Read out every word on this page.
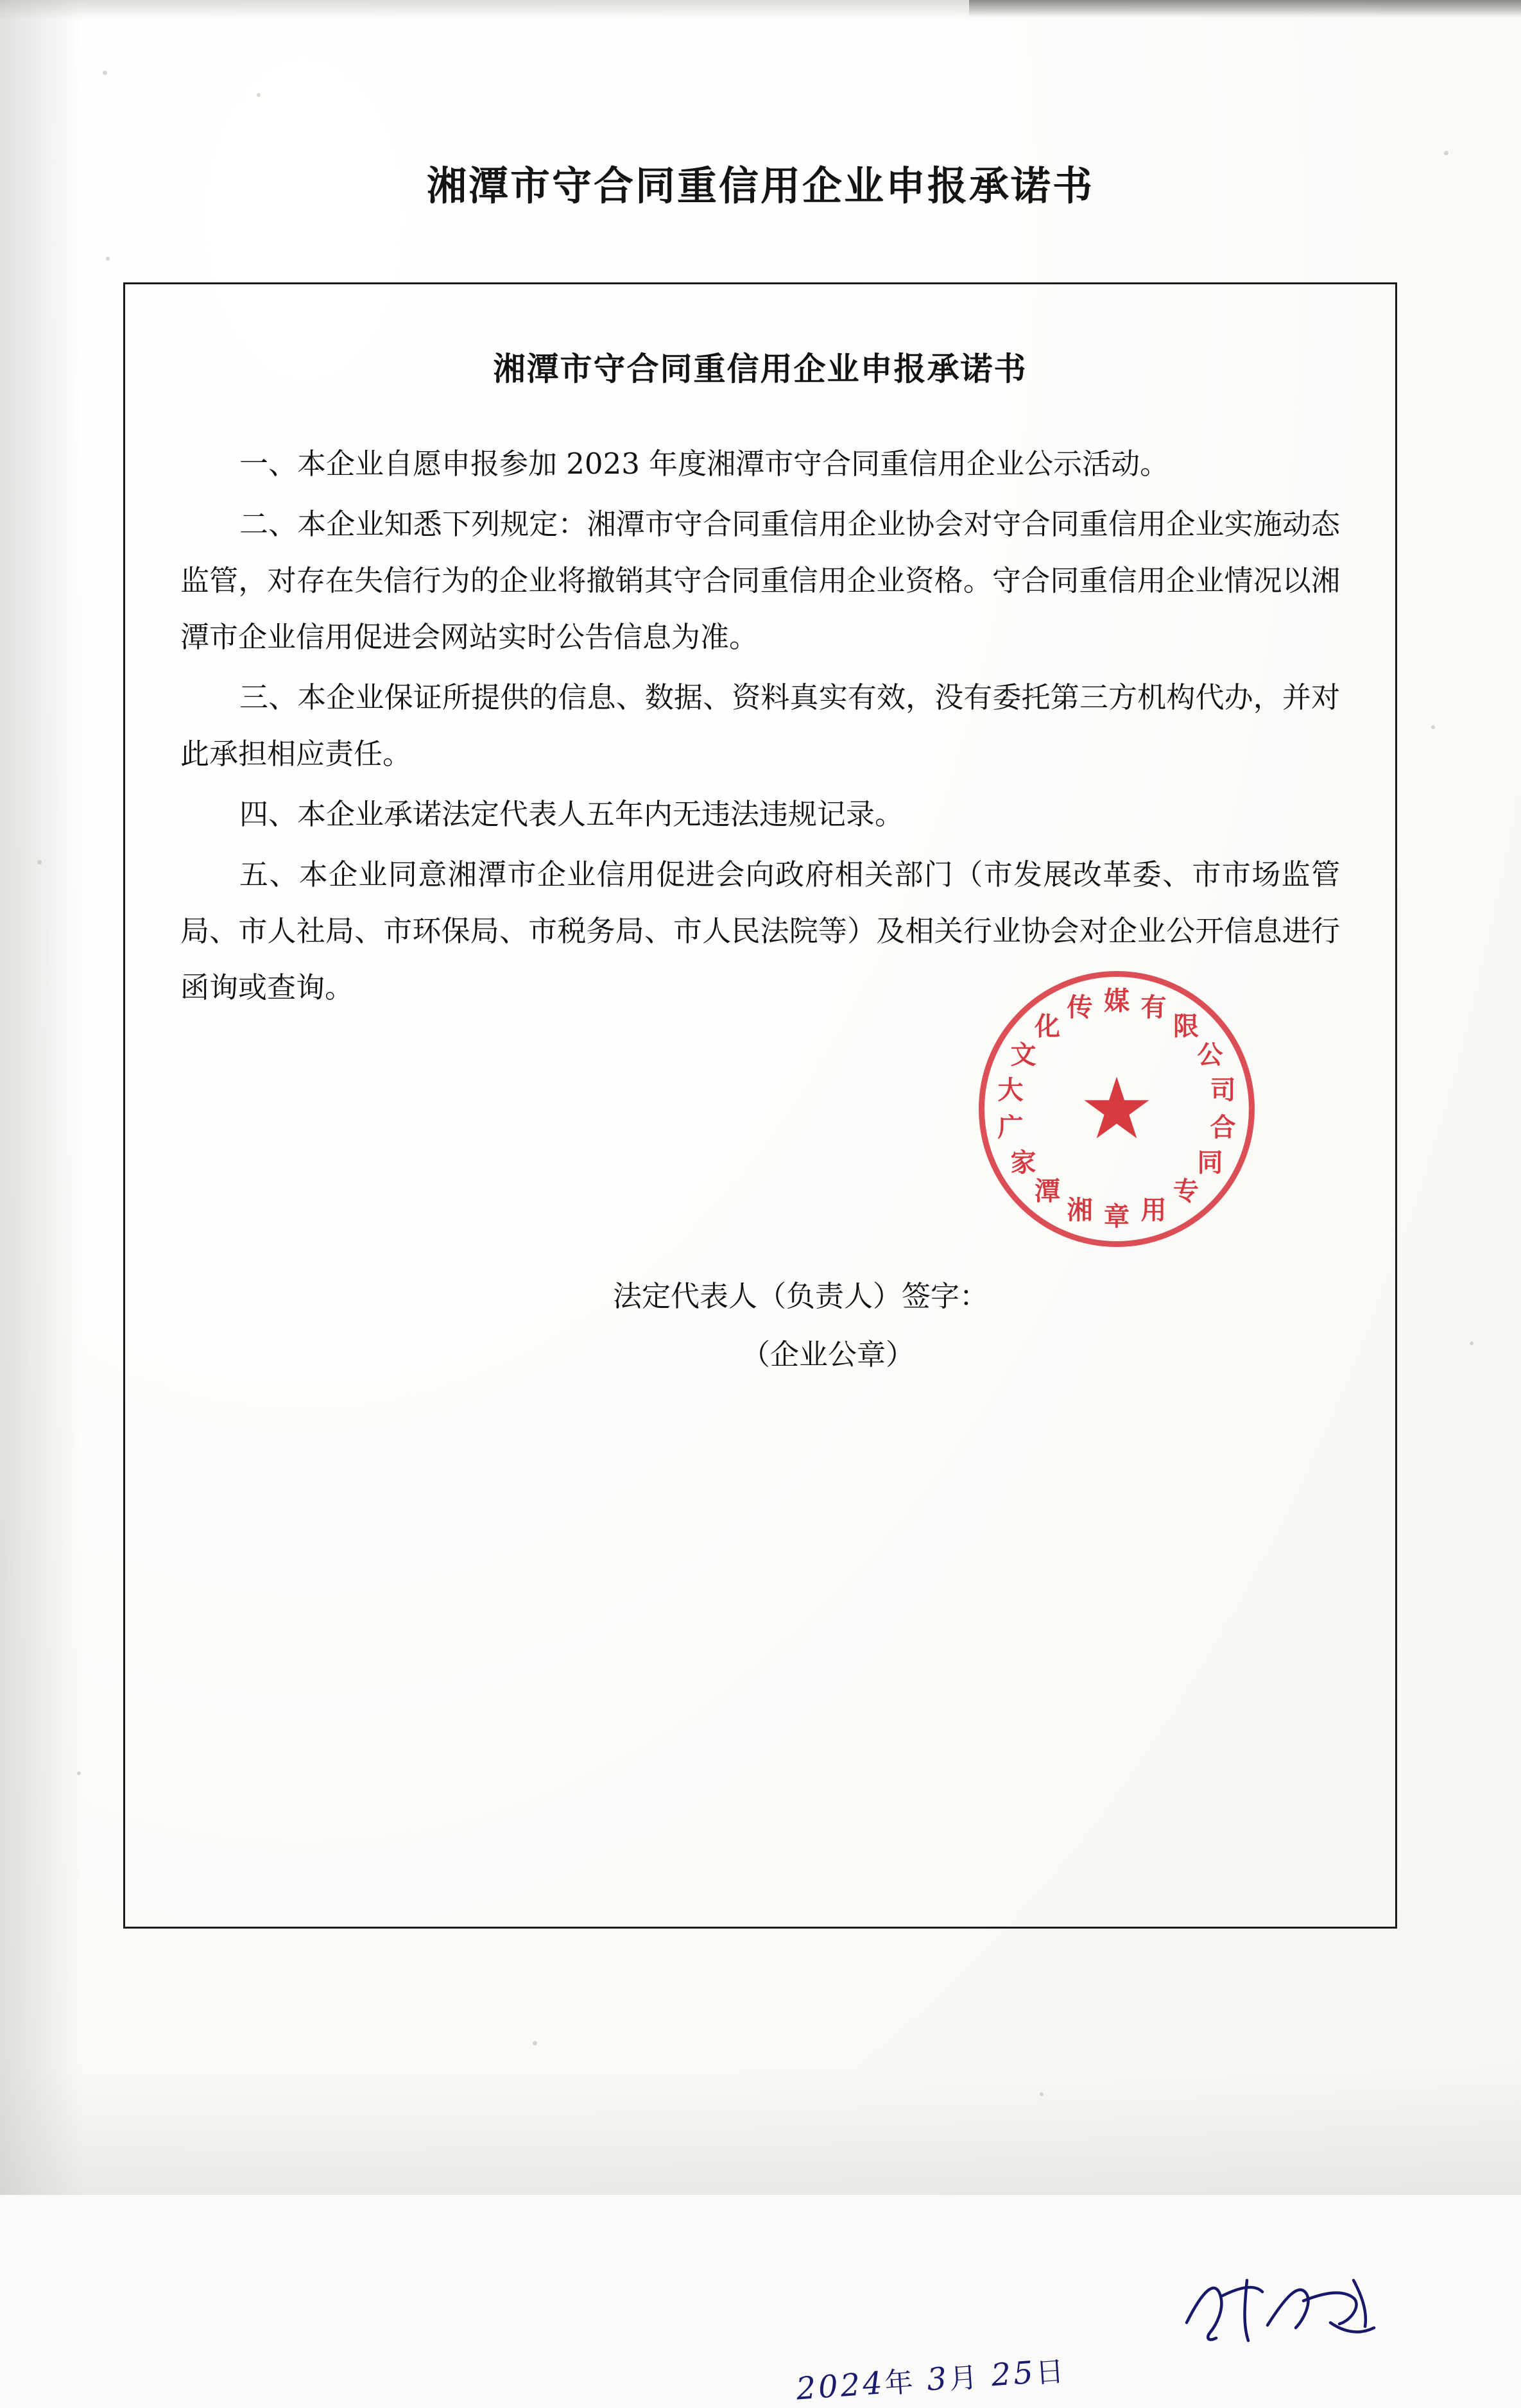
湘潭市守合同重信用企业申报承诺书
湘潭市守合同重信用企业申报承诺书

一、本企业自愿申报参加 2023 年度湘潭市守合同重信用企业公示活动。

二、本企业知悉下列规定：湘潭市守合同重信用企业协会对守合同重信用企业实施动态监管，对存在失信行为的企业将撤销其守合同重信用企业资格。守合同重信用企业情况以湘潭市企业信用促进会网站实时公告信息为准。

三、本企业保证所提供的信息、数据、资料真实有效，没有委托第三方机构代办，并对此承担相应责任。

四、本企业承诺法定代表人五年内无违法违规记录。

五、本企业同意湘潭市企业信用促进会向政府相关部门（市发展改革委、市市场监管局、市人社局、市环保局、市税务局、市人民法院等）及相关行业协会对企业公开信息进行函询或查询。

法定代表人（负责人）签字：
（企业公章）
2024年 3月 25日
★
湘
潭
家
广
大
文
化
传 媒 有
限
公
司
合
同
专
用
章
